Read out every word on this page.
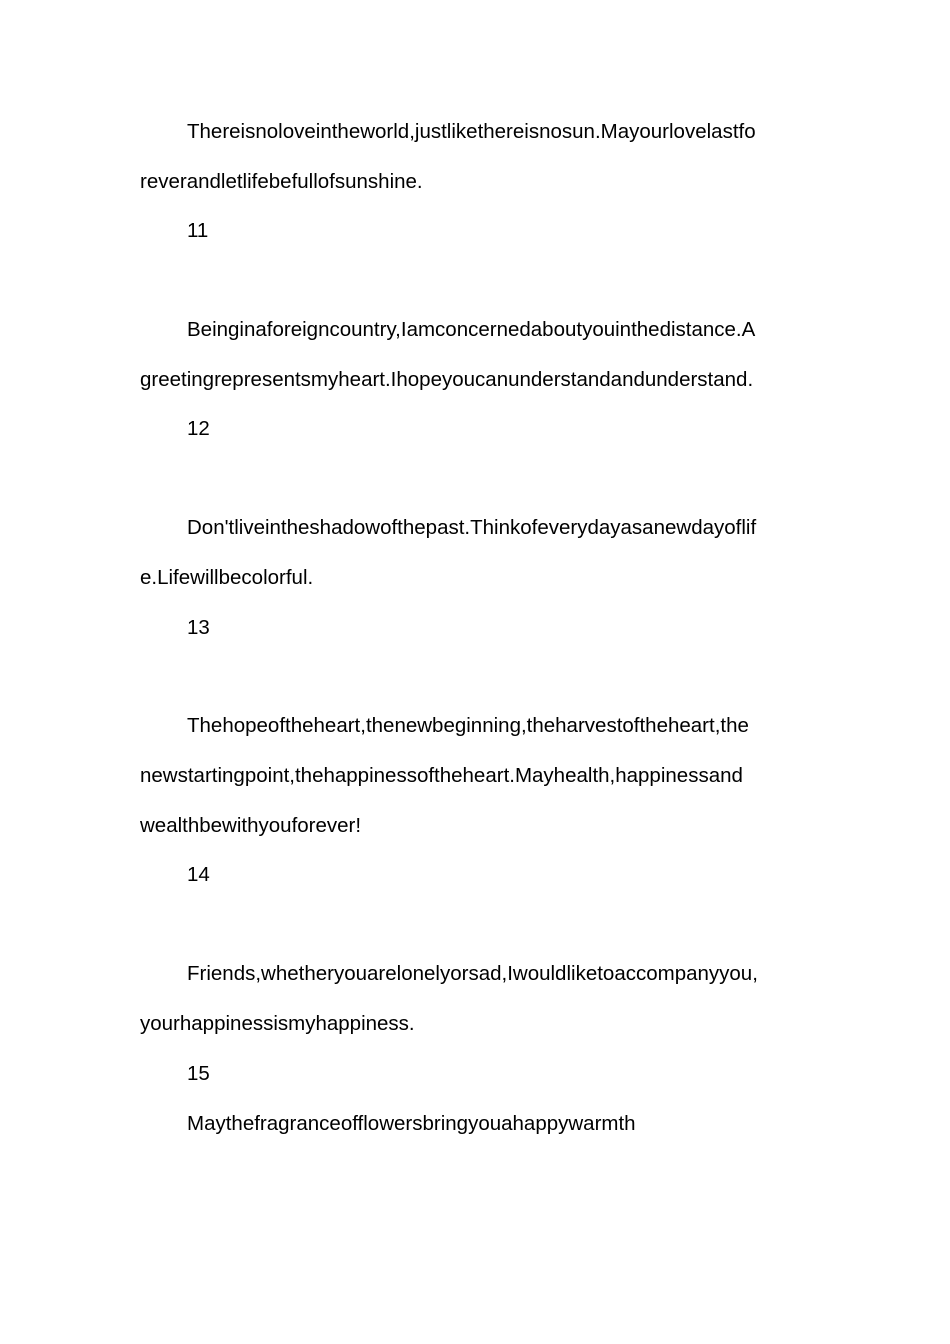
Thereisnoloveintheworld,justlikethereisnosun.Mayourlovelastfo
reverandletlifebefullofsunshine.
11
Beinginaforeigncountry,Iamconcernedaboutyouinthedistance.A
greetingrepresentsmyheart.Ihopeyoucanunderstandandunderstand.
12
Don'tliveintheshadowofthepast.Thinkofeverydayasanewdayoflif
e.Lifewillbecolorful.
13
Thehopeoftheheart,thenewbeginning,theharvestoftheheart,the
newstartingpoint,thehappinessoftheheart.Mayhealth,happinessand
wealthbewithyouforever!
14
Friends,whetheryouarelonelyorsad,Iwouldliketoaccompanyyou,
yourhappinessismyhappiness.
15
Maythefragranceofflowersbringyouahappywarmth
